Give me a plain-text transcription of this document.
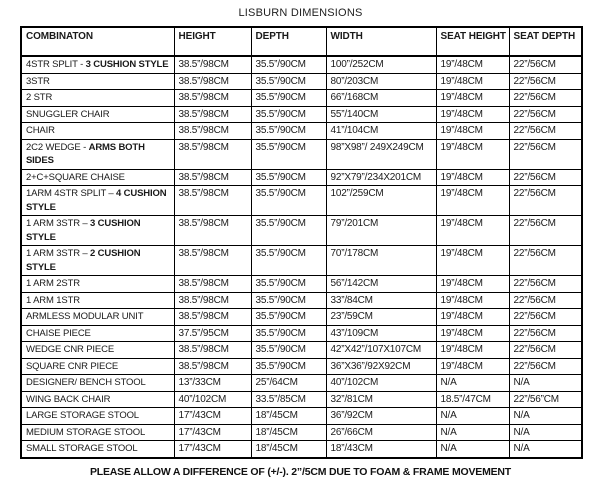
LISBURN DIMENSIONS
COMBINATON	HEIGHT	DEPTH	WIDTH	SEAT HEIGHT	SEAT DEPTH
4STR SPLIT - 3 CUSHION STYLE	38.5”/98CM	35.5”/90CM	100”/252CM	19”/48CM	22”/56CM
3STR	38.5”/98CM	35.5”/90CM	80”/203CM	19”/48CM	22”/56CM
2 STR	38.5”/98CM	35.5”/90CM	66”/168CM	19”/48CM	22”/56CM
SNUGGLER CHAIR	38.5”/98CM	35.5”/90CM	55”/140CM	19”/48CM	22”/56CM
CHAIR	38.5”/98CM	35.5”/90CM	41”/104CM	19”/48CM	22”/56CM
2C2 WEDGE - ARMS BOTH SIDES	38.5”/98CM	35.5”/90CM	98”X98”/ 249X249CM	19”/48CM	22”/56CM
2+C+SQUARE CHAISE	38.5”/98CM	35.5”/90CM	92”X79”/234X201CM	19”/48CM	22”/56CM
1ARM 4STR SPLIT – 4 CUSHION STYLE	38.5”/98CM	35.5”/90CM	102”/259CM	19”/48CM	22”/56CM
1 ARM 3STR – 3 CUSHION STYLE	38.5”/98CM	35.5”/90CM	79”/201CM	19”/48CM	22”/56CM
1 ARM 3STR – 2 CUSHION STYLE	38.5”/98CM	35.5”/90CM	70”/178CM	19”/48CM	22”/56CM
1 ARM 2STR	38.5”/98CM	35.5”/90CM	56”/142CM	19”/48CM	22”/56CM
1 ARM 1STR	38.5”/98CM	35.5”/90CM	33”/84CM	19”/48CM	22”/56CM
ARMLESS MODULAR UNIT	38.5”/98CM	35.5”/90CM	23”/59CM	19”/48CM	22”/56CM
CHAISE PIECE	37.5”/95CM	35.5”/90CM	43”/109CM	19”/48CM	22”/56CM
WEDGE CNR PIECE	38.5”/98CM	35.5”/90CM	42”X42”/107X107CM	19”/48CM	22”/56CM
SQUARE CNR PIECE	38.5”/98CM	35.5”/90CM	36”X36”/92X92CM	19”/48CM	22”/56CM
DESIGNER/ BENCH STOOL	13”/33CM	25”/64CM	40”/102CM	N/A	N/A
WING BACK CHAIR	40”/102CM	33.5”/85CM	32”/81CM	18.5”/47CM	22”/56”CM
LARGE STORAGE STOOL	17”/43CM	18”/45CM	36”/92CM	N/A	N/A
MEDIUM STORAGE STOOL	17”/43CM	18”/45CM	26”/66CM	N/A	N/A
SMALL STORAGE STOOL	17”/43CM	18”/45CM	18”/43CM	N/A	N/A
PLEASE ALLOW A DIFFERENCE OF (+/-). 2”/5CM DUE TO FOAM & FRAME MOVEMENT
